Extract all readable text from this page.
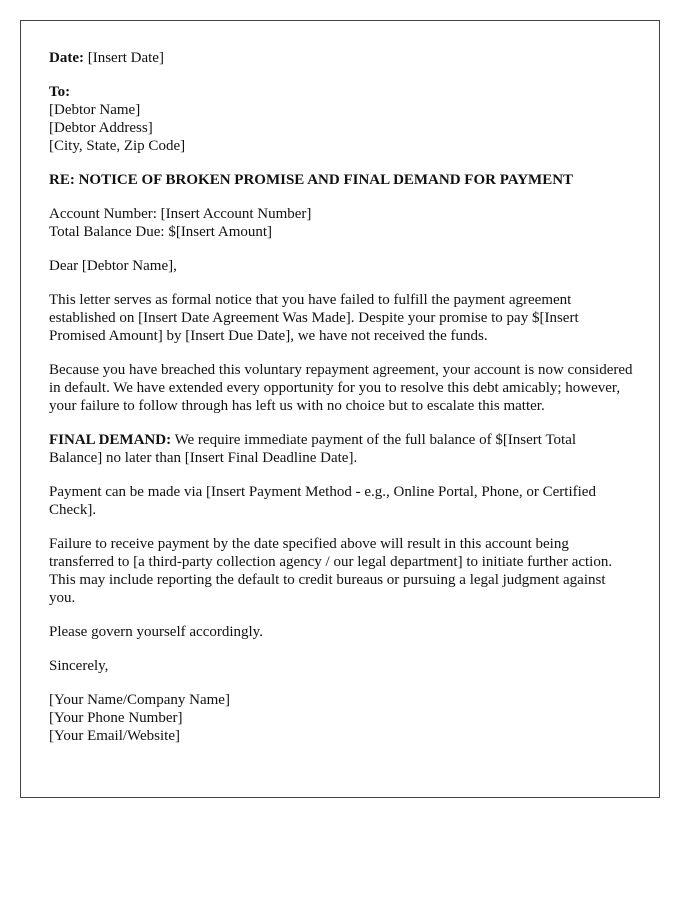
Date: [Insert Date]
To:
[Debtor Name]
[Debtor Address]
[City, State, Zip Code]
RE: NOTICE OF BROKEN PROMISE AND FINAL DEMAND FOR PAYMENT
Account Number: [Insert Account Number]
Total Balance Due: $[Insert Amount]

Dear [Debtor Name],

This letter serves as formal notice that you have failed to fulfill the payment agreement established on [Insert Date Agreement Was Made]. Despite your promise to pay $[Insert Promised Amount] by [Insert Due Date], we have not received the funds.

Because you have breached this voluntary repayment agreement, your account is now considered in default. We have extended every opportunity for you to resolve this debt amicably; however, your failure to follow through has left us with no choice but to escalate this matter.

FINAL DEMAND: We require immediate payment of the full balance of $[Insert Total Balance] no later than [Insert Final Deadline Date].

Payment can be made via [Insert Payment Method - e.g., Online Portal, Phone, or Certified Check].

Failure to receive payment by the date specified above will result in this account being transferred to [a third-party collection agency / our legal department] to initiate further action. This may include reporting the default to credit bureaus or pursuing a legal judgment against you.

Please govern yourself accordingly.

Sincerely,

[Your Name/Company Name]
[Your Phone Number]
[Your Email/Website]
